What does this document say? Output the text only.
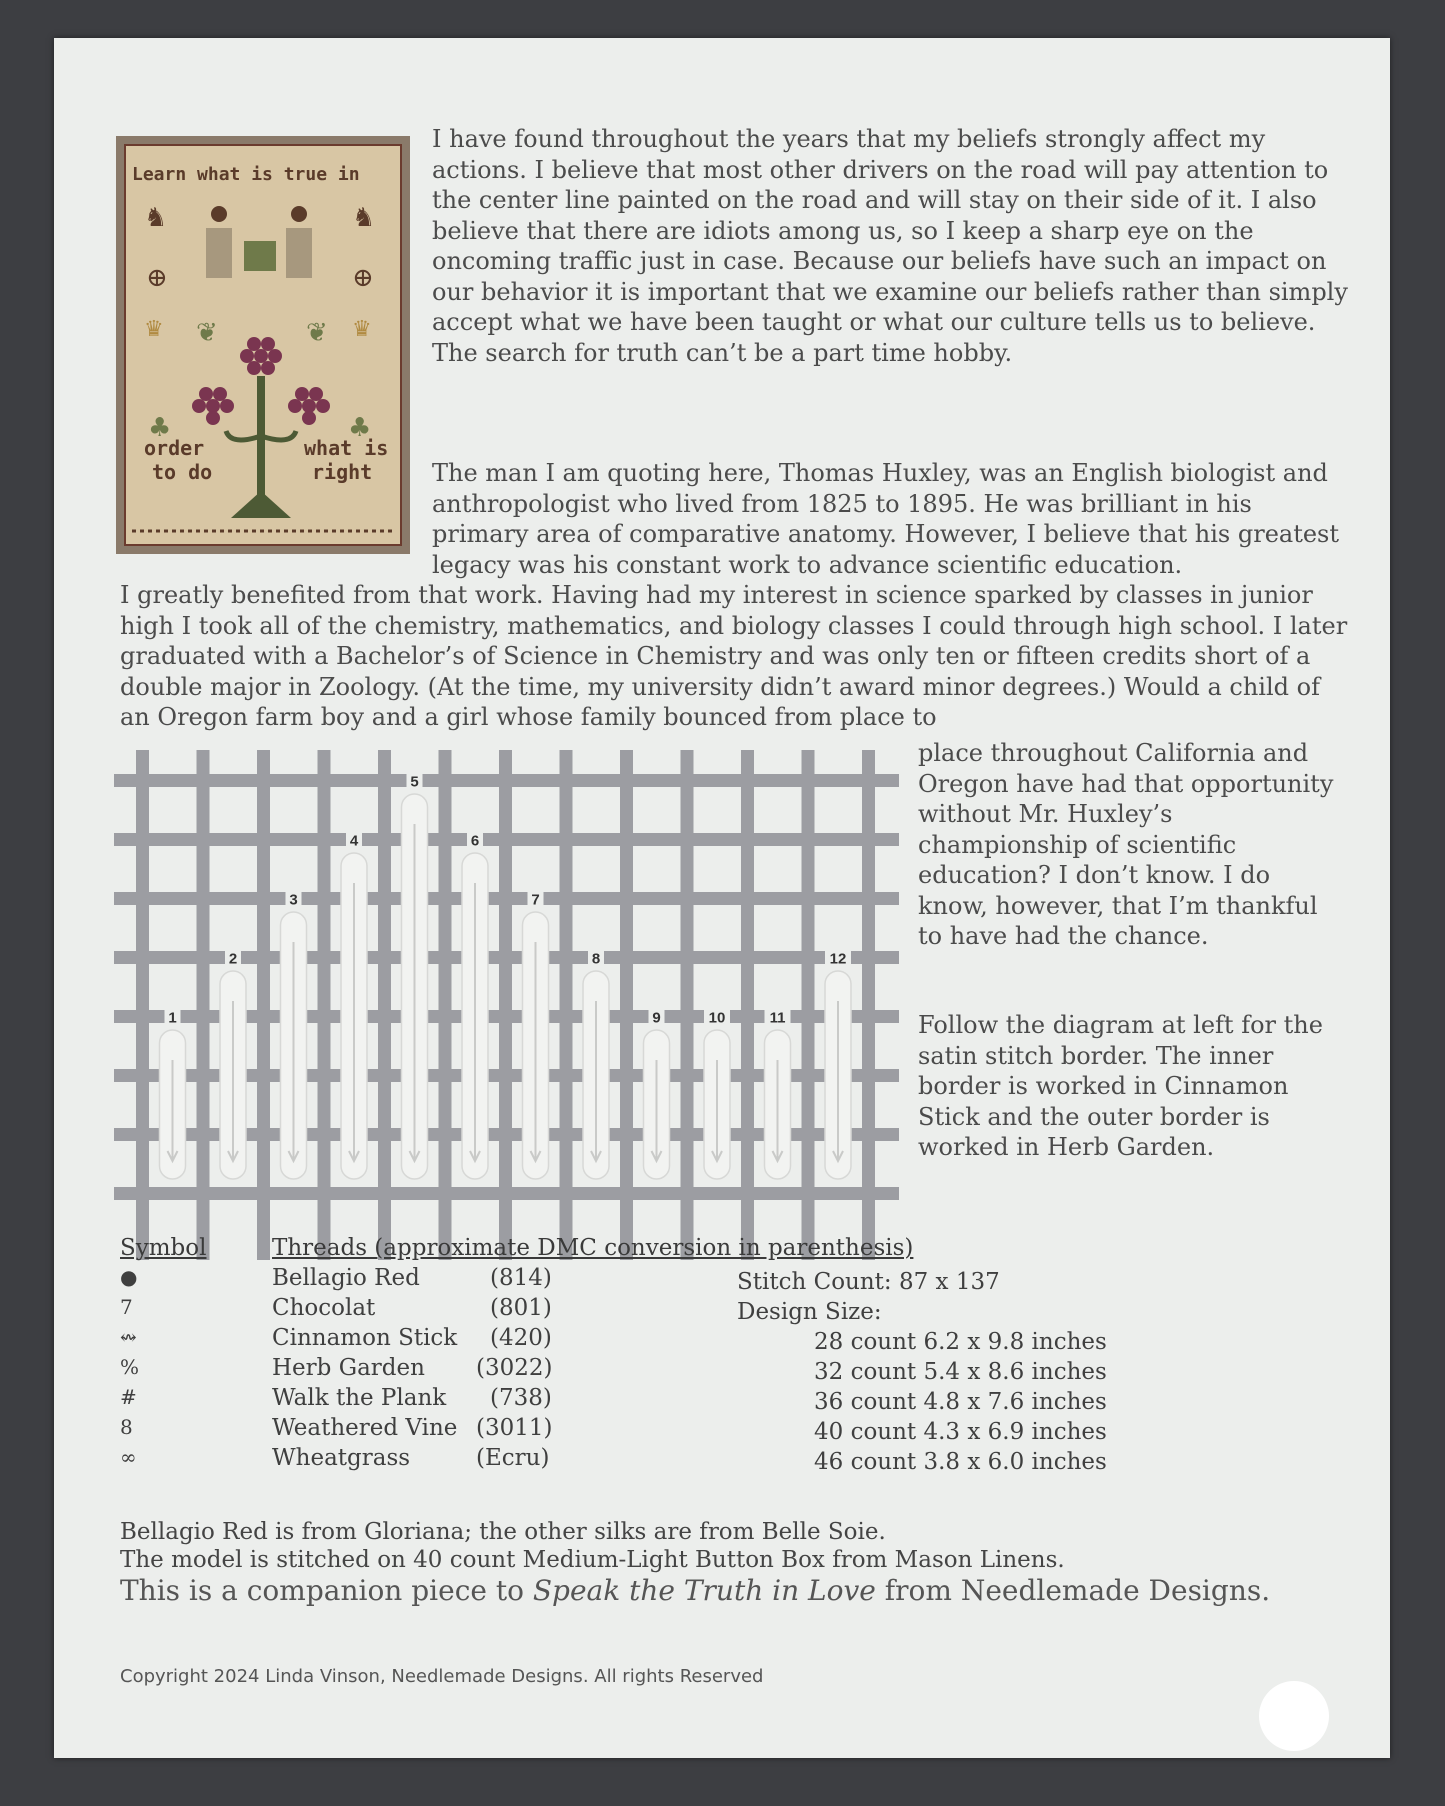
Learn what is true in
♞	♞
⊕	⊕
♛	♛
❦	❦
♣	♣
order
to do
what is
right

I have found throughout the years that my beliefs strongly affect my actions. I believe that most other drivers on the road will pay attention to the center line painted on the road and will stay on their side of it. I also believe that there are idiots among us, so I keep a sharp eye on the oncoming traffic just in case. Because our beliefs have such an impact on our behavior it is important that we examine our beliefs rather than simply accept what we have been taught or what our culture tells us to believe. The search for truth can’t be a part time hobby.

The man I am quoting here, Thomas Huxley, was an English biologist and anthropologist who lived from 1825 to 1895. He was brilliant in his primary area of comparative anatomy. However, I believe that his greatest legacy was his constant work to advance scientific education.

I greatly benefited from that work. Having had my interest in science sparked by classes in junior high I took all of the chemistry, mathematics, and biology classes I could through high school. I later graduated with a Bachelor’s of Science in Chemistry and was only ten or fifteen credits short of a double major in Zoology. (At the time, my university didn’t award minor degrees.) Would a child of an Oregon farm boy and a girl whose family bounced from place to

place throughout California and Oregon have had that opportunity without Mr. Huxley’s championship of scientific education? I don’t know. I do know, however, that I’m thankful to have had the chance.

Follow the diagram at left for the satin stitch border. The inner border is worked in Cinnamon Stick and the outer border is worked in Herb Garden.

1
2
3
4
5
6
7
8
9	10	11
12
Symbol	Threads (approximate DMC conversion in parenthesis)
●	Bellagio Red	(814)
7	Chocolat	(801)
↭	Cinnamon Stick (420)
%	Herb Garden (3022)
#	Walk the Plank (738)
8	Weathered Vine (3011)
∞	Wheatgrass	(Ecru)
Stitch Count: 87 x 137
Design Size:
28 count 6.2 x 9.8 inches
32 count 5.4 x 8.6 inches
36 count 4.8 x 7.6 inches
40 count 4.3 x 6.9 inches
46 count 3.8 x 6.0 inches

Bellagio Red is from Gloriana; the other silks are from Belle Soie.

The model is stitched on 40 count Medium-Light Button Box from Mason Linens.

This is a companion piece to Speak the Truth in Love from Needlemade Designs.

Copyright 2024 Linda Vinson, Needlemade Designs. All rights Reserved
